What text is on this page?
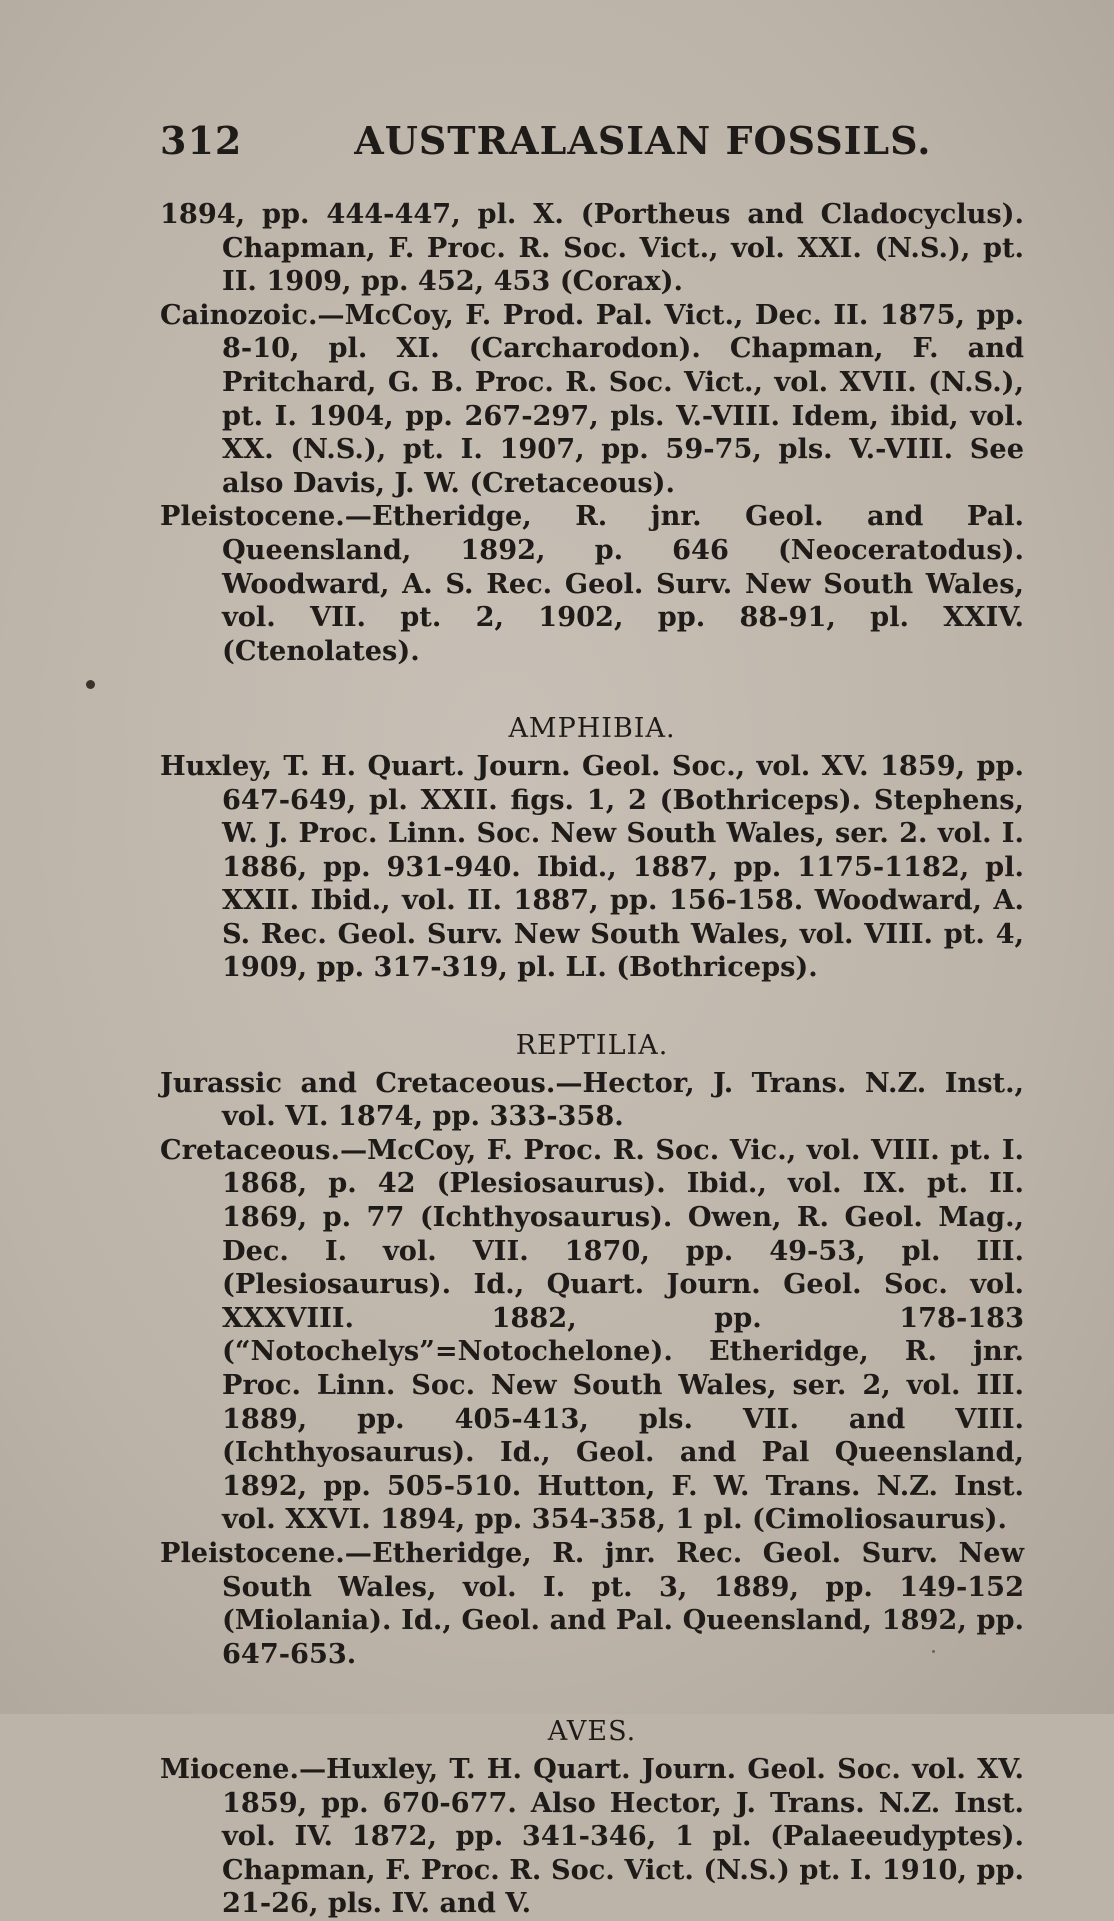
312	AUSTRALASIAN FOSSILS.

1894, pp. 444-447, pl. X. (Portheus and Cladocyclus). Chapman, F. Proc. R. Soc. Vict., vol. XXI. (N.S.), pt. II. 1909, pp. 452, 453 (Corax).

Cainozoic.—McCoy, F. Prod. Pal. Vict., Dec. II. 1875, pp. 8-10, pl. XI. (Carcharodon). Chapman, F. and Pritchard, G. B. Proc. R. Soc. Vict., vol. XVII. (N.S.), pt. I. 1904, pp. 267-297, pls. V.-VIII. Idem, ibid, vol. XX. (N.S.), pt. I. 1907, pp. 59-75, pls. V.-VIII. See also Davis, J. W. (Cretaceous).

Pleistocene.—Etheridge, R. jnr. Geol. and Pal. Queensland, 1892, p. 646 (Neoceratodus). Woodward, A. S. Rec. Geol. Surv. New South Wales, vol. VII. pt. 2, 1902, pp. 88-91, pl. XXIV. (Ctenolates).

AMPHIBIA.

Huxley, T. H. Quart. Journ. Geol. Soc., vol. XV. 1859, pp. 647-649, pl. XXII. figs. 1, 2 (Bothriceps). Stephens, W. J. Proc. Linn. Soc. New South Wales, ser. 2. vol. I. 1886, pp. 931-940. Ibid., 1887, pp. 1175-1182, pl. XXII. Ibid., vol. II. 1887, pp. 156-158. Woodward, A. S. Rec. Geol. Surv. New South Wales, vol. VIII. pt. 4, 1909, pp. 317-319, pl. LI. (Bothriceps).

REPTILIA.

Jurassic and Cretaceous.—Hector, J. Trans. N.Z. Inst., vol. VI. 1874, pp. 333-358.

Cretaceous.—McCoy, F. Proc. R. Soc. Vic., vol. VIII. pt. I. 1868, p. 42 (Plesiosaurus). Ibid., vol. IX. pt. II. 1869, p. 77 (Ichthyosaurus). Owen, R. Geol. Mag., Dec. I. vol. VII. 1870, pp. 49-53, pl. III. (Plesiosaurus). Id., Quart. Journ. Geol. Soc. vol. XXXVIII. 1882, pp. 178-183 (“Notochelys”=Notochelone). Etheridge, R. jnr. Proc. Linn. Soc. New South Wales, ser. 2, vol. III. 1889, pp. 405-413, pls. VII. and VIII. (Ichthyosaurus). Id., Geol. and Pal Queensland, 1892, pp. 505-510. Hutton, F. W. Trans. N.Z. Inst. vol. XXVI. 1894, pp. 354-358, 1 pl. (Cimoliosaurus).

Pleistocene.—Etheridge, R. jnr. Rec. Geol. Surv. New South Wales, vol. I. pt. 3, 1889, pp. 149-152 (Miolania). Id., Geol. and Pal. Queensland, 1892, pp. 647-653.

AVES.

Miocene.—Huxley, T. H. Quart. Journ. Geol. Soc. vol. XV. 1859, pp. 670-677. Also Hector, J. Trans. N.Z. Inst. vol. IV. 1872, pp. 341-346, 1 pl. (Palaeeudyptes). Chapman, F. Proc. R. Soc. Vict. (N.S.) pt. I. 1910, pp. 21-26, pls. IV. and V.
